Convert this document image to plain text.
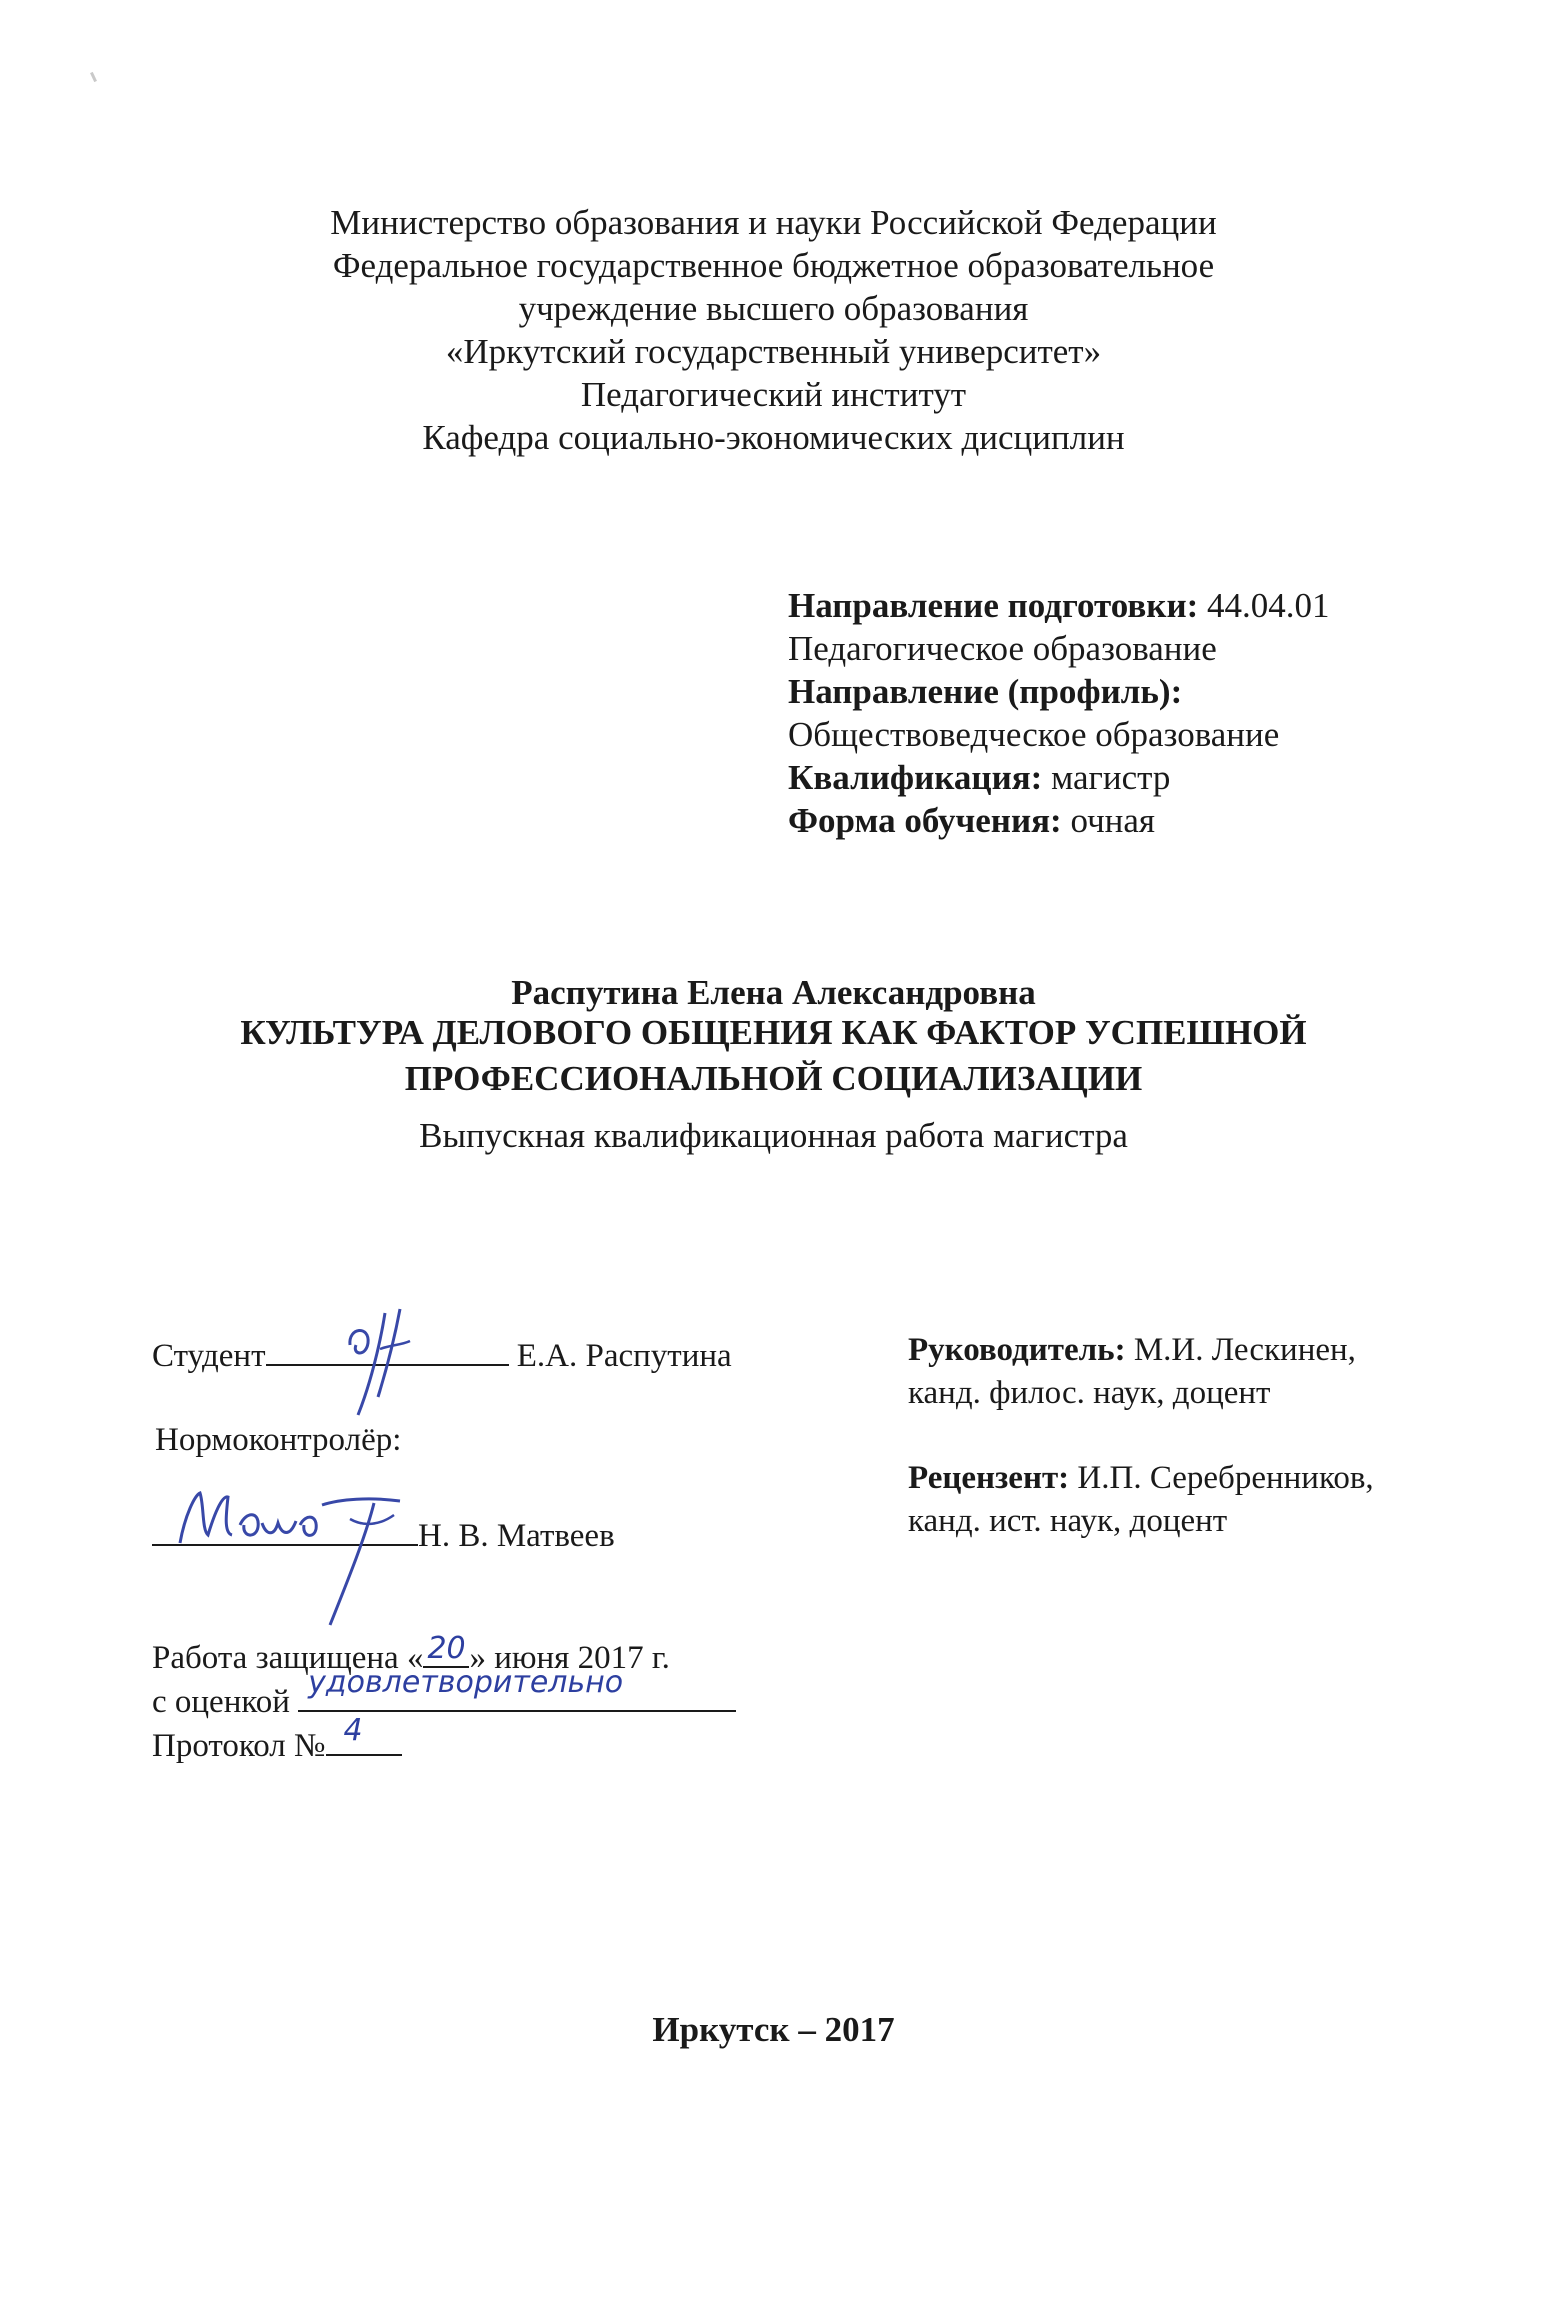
Министерство образования и науки Российской Федерации
Федеральное государственное бюджетное образовательное
учреждение высшего образования
«Иркутский государственный университет»
Педагогический институт
Кафедра социально-экономических дисциплин
Направление подготовки: 44.04.01
Педагогическое образование
Направление (профиль):
Обществоведческое образование
Квалификация: магистр
Форма обучения: очная
Распутина Елена Александровна
КУЛЬТУРА ДЕЛОВОГО ОБЩЕНИЯ КАК ФАКТОР УСПЕШНОЙ
ПРОФЕССИОНАЛЬНОЙ СОЦИАЛИЗАЦИИ
Выпускная квалификационная работа магистра
Студент	Е.А. Распутина
Нормоконтролёр:
Н. В. Матвеев
Работа защищена « 20 » июня 2017 г.
с оценкой
удовлетворительно
Протокол № 4
Руководитель: М.И. Лескинен,
канд. филос. наук, доцент
Рецензент: И.П. Серебренников,
канд. ист. наук, доцент
Иркутск – 2017
